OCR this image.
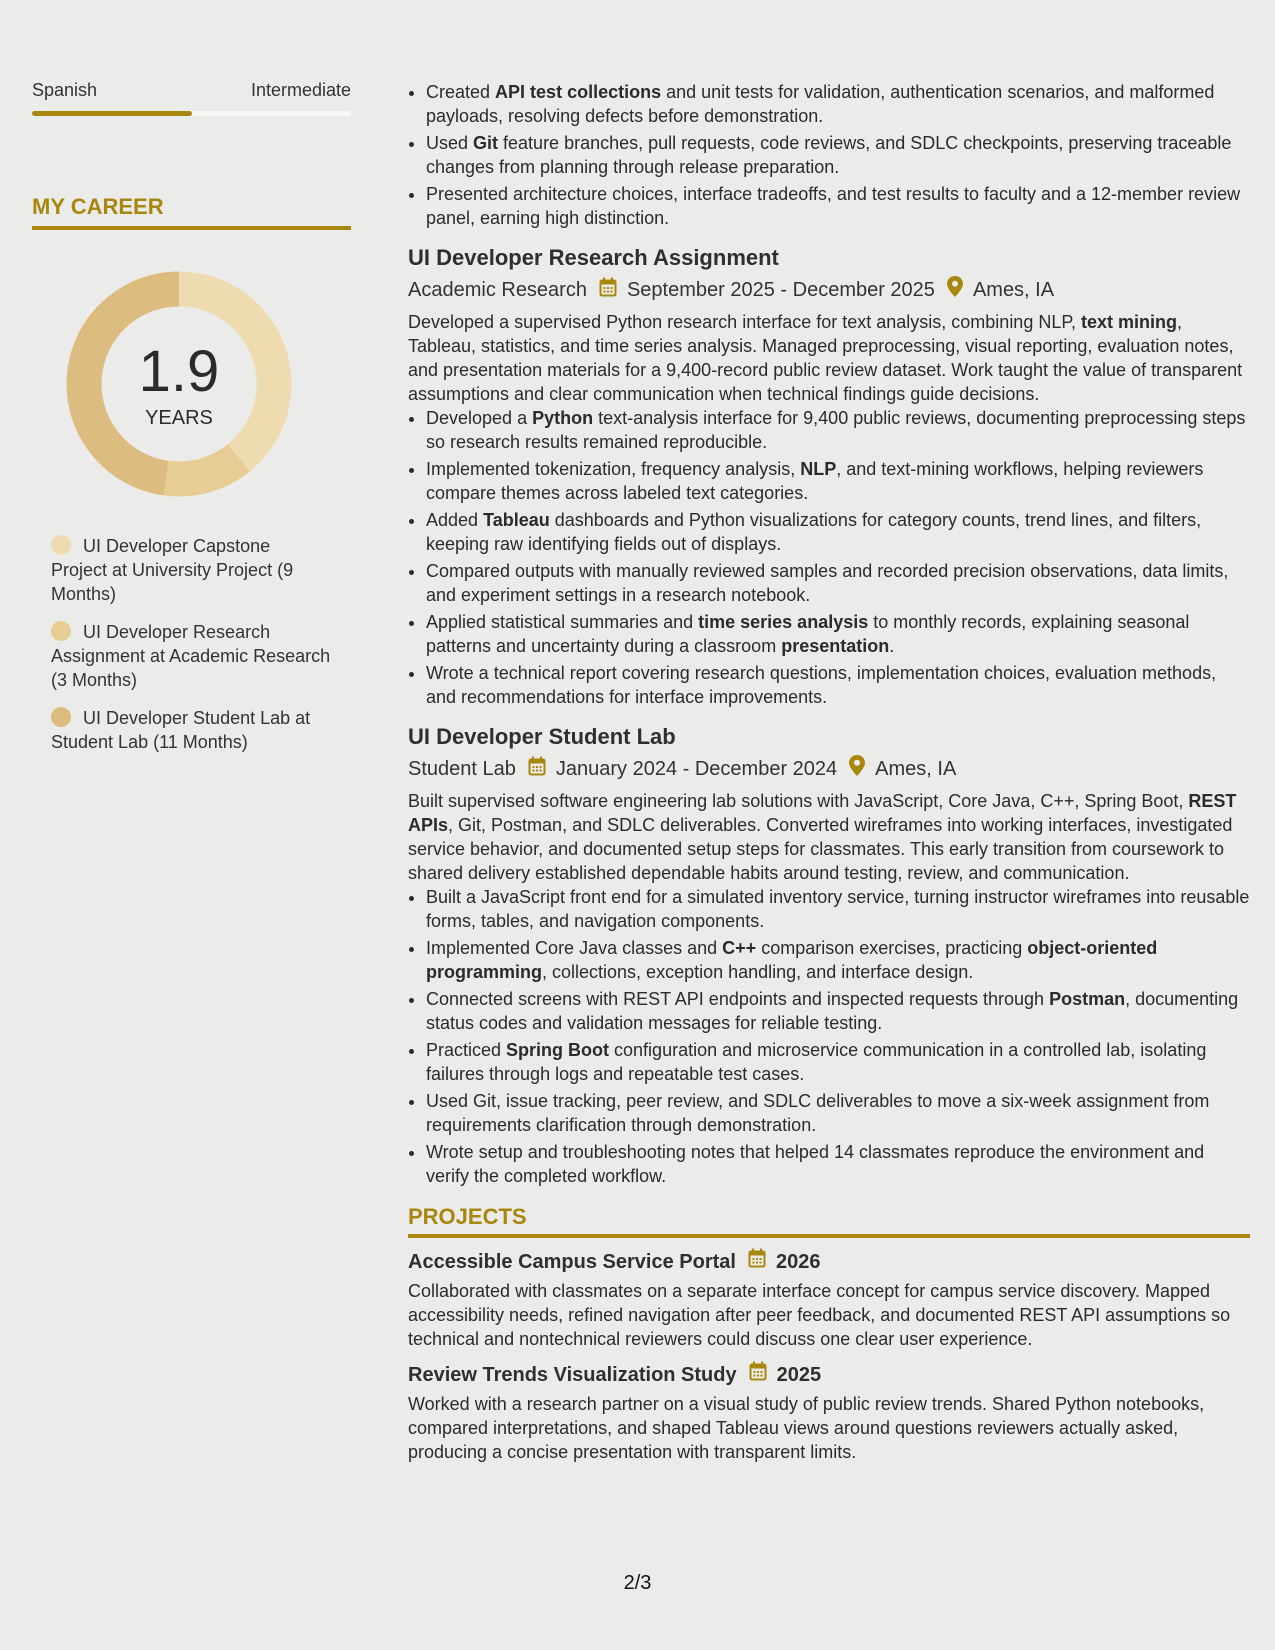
Spanish	Intermediate
MY CAREER
1.9
YEARS
UI Developer Capstone Project at University Project (9 Months)
UI Developer Research Assignment at Academic Research (3 Months)
UI Developer Student Lab at Student Lab (11 Months)
• Created API test collections and unit tests for validation, authentication scenarios, and malformed payloads, resolving defects before demonstration.
• Used Git feature branches, pull requests, code reviews, and SDLC checkpoints, preserving traceable changes from planning through release preparation.
• Presented architecture choices, interface tradeoffs, and test results to faculty and a 12-member review panel, earning high distinction.
UI Developer Research Assignment
Academic Research September 2025 - December 2025 Ames, IA
Developed a supervised Python research interface for text analysis, combining NLP, text mining, Tableau, statistics, and time series analysis. Managed preprocessing, visual reporting, evaluation notes, and presentation materials for a 9,400-record public review dataset. Work taught the value of transparent assumptions and clear communication when technical findings guide decisions.
• Developed a Python text-analysis interface for 9,400 public reviews, documenting preprocessing steps so research results remained reproducible.
• Implemented tokenization, frequency analysis, NLP, and text-mining workflows, helping reviewers compare themes across labeled text categories.
• Added Tableau dashboards and Python visualizations for category counts, trend lines, and filters, keeping raw identifying fields out of displays.
• Compared outputs with manually reviewed samples and recorded precision observations, data limits, and experiment settings in a research notebook.
• Applied statistical summaries and time series analysis to monthly records, explaining seasonal patterns and uncertainty during a classroom presentation.
• Wrote a technical report covering research questions, implementation choices, evaluation methods, and recommendations for interface improvements.
UI Developer Student Lab
Student Lab January 2024 - December 2024 Ames, IA
Built supervised software engineering lab solutions with JavaScript, Core Java, C++, Spring Boot, REST APIs, Git, Postman, and SDLC deliverables. Converted wireframes into working interfaces, investigated service behavior, and documented setup steps for classmates. This early transition from coursework to shared delivery established dependable habits around testing, review, and communication.
• Built a JavaScript front end for a simulated inventory service, turning instructor wireframes into reusable forms, tables, and navigation components.
• Implemented Core Java classes and C++ comparison exercises, practicing object-oriented programming, collections, exception handling, and interface design.
• Connected screens with REST API endpoints and inspected requests through Postman, documenting status codes and validation messages for reliable testing.
• Practiced Spring Boot configuration and microservice communication in a controlled lab, isolating failures through logs and repeatable test cases.
• Used Git, issue tracking, peer review, and SDLC deliverables to move a six-week assignment from requirements clarification through demonstration.
• Wrote setup and troubleshooting notes that helped 14 classmates reproduce the environment and verify the completed workflow.
PROJECTS
Accessible Campus Service Portal 2026
Collaborated with classmates on a separate interface concept for campus service discovery. Mapped accessibility needs, refined navigation after peer feedback, and documented REST API assumptions so technical and nontechnical reviewers could discuss one clear user experience.
Review Trends Visualization Study 2025
Worked with a research partner on a visual study of public review trends. Shared Python notebooks, compared interpretations, and shaped Tableau views around questions reviewers actually asked, producing a concise presentation with transparent limits.
2/3
